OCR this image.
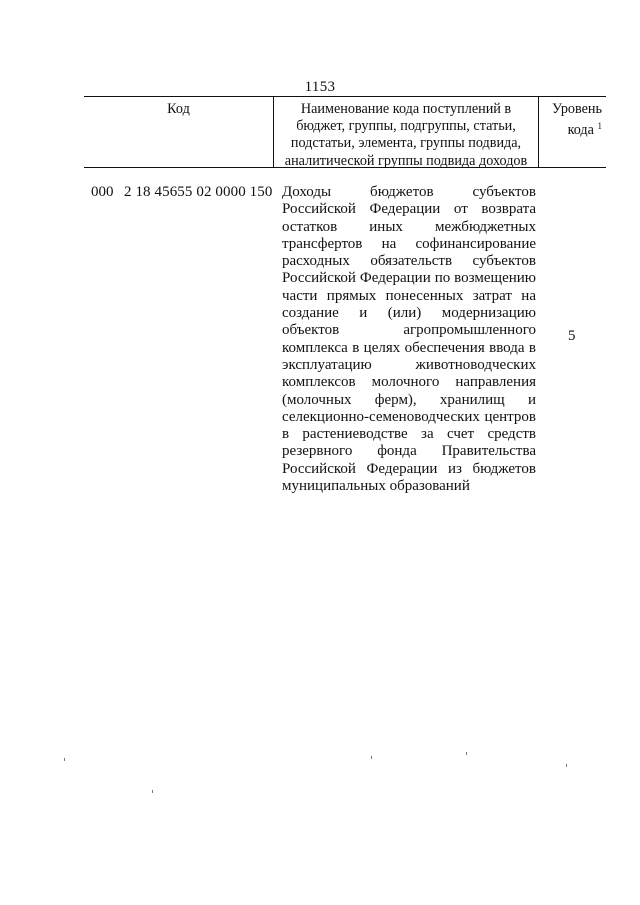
1153
Код	Наименование кода поступлений в
бюджет, группы, подгруппы, статьи,
подстатьи, элемента, группы подвида,
аналитической группы подвида доходов
Уровень
кода $^1$
000 2 18 45655 02 0000 150 Доходы бюджетов субъектов
Российской Федерации от возврата
остатков иных межбюджетных
трансфертов на софинансирование
расходных обязательств субъектов
Российской Федерации по возмещению
части прямых понесенных затрат на
создание и (или) модернизацию
объектов агропромышленного
комплекса в целях обеспечения ввода в
эксплуатацию животноводческих
комплексов молочного направления
(молочных ферм), хранилищ и
селекционно-семеноводческих центров
в растениеводстве за счет средств
резервного фонда Правительства
Российской Федерации из бюджетов
муниципальных образований
5
